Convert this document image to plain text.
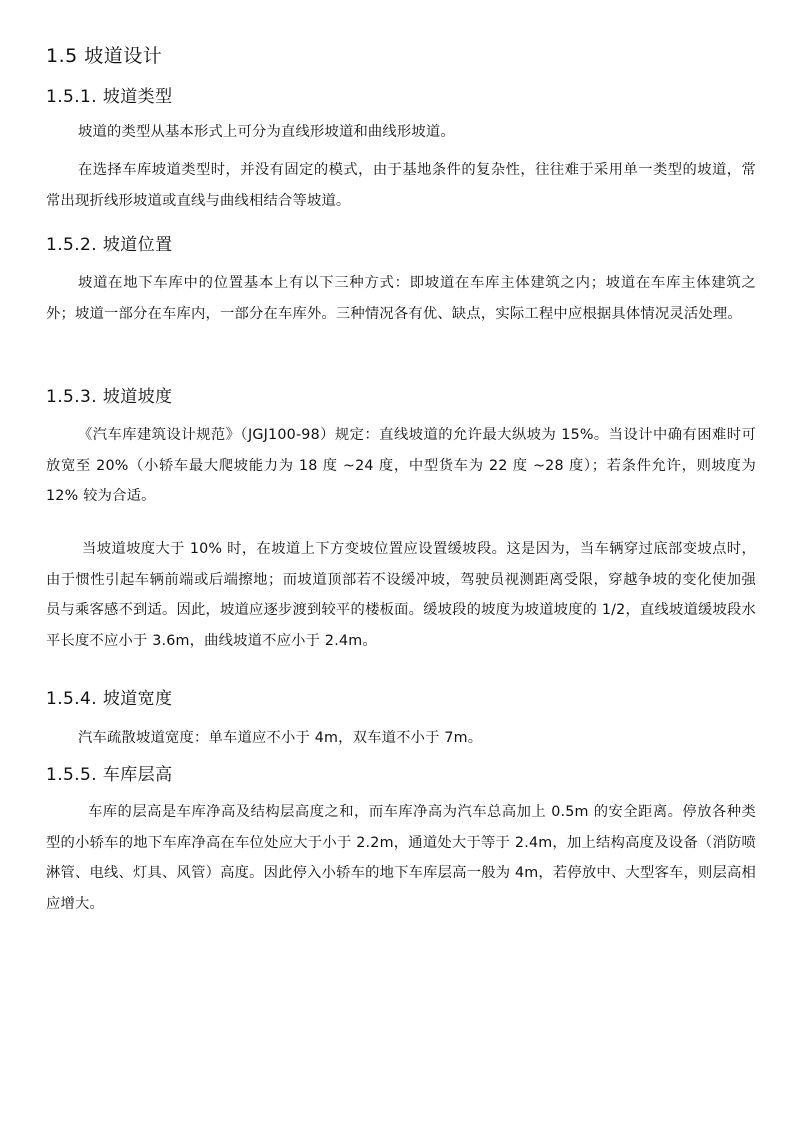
1.5 坡道设计
1.5.1. 坡道类型
坡道的类型从基本形式上可分为直线形坡道和曲线形坡道。
在选择车库坡道类型时，并没有固定的模式，由于基地条件的复杂性，往往难于采用单一类型的坡道，常常出现折线形坡道或直线与曲线相结合等坡道。
1.5.2. 坡道位置
坡道在地下车库中的位置基本上有以下三种方式：即坡道在车库主体建筑之内；坡道在车库主体建筑之外；坡道一部分在车库内，一部分在车库外。三种情况各有优、缺点，实际工程中应根据具体情况灵活处理。
1.5.3. 坡道坡度
《汽车库建筑设计规范》（JGJ100-98）规定：直线坡道的允许最大纵坡为 15%。当设计中确有困难时可放宽至 20%（小轿车最大爬坡能力为 18 度 ~24 度，中型货车为 22 度 ~28 度）；若条件允许，则坡度为 12% 较为合适。
当坡道坡度大于 10% 时，在坡道上下方变坡位置应设置缓坡段。这是因为，当车辆穿过底部变坡点时，由于惯性引起车辆前端或后端擦地；而坡道顶部若不设缓冲坡，驾驶员视测距离受限，穿越争坡的变化使加强员与乘客感不到适。因此，坡道应逐步渡到较平的楼板面。缓坡段的坡度为坡道坡度的 1/2，直线坡道缓坡段水平长度不应小于 3.6m，曲线坡道不应小于 2.4m。
1.5.4. 坡道宽度
汽车疏散坡道宽度：单车道应不小于 4m，双车道不小于 7m。
1.5.5. 车库层高
车库的层高是车库净高及结构层高度之和，而车库净高为汽车总高加上 0.5m 的安全距离。停放各种类型的小轿车的地下车库净高在车位处应大于小于 2.2m，通道处大于等于 2.4m，加上结构高度及设备（消防喷淋管、电线、灯具、风管）高度。因此停入小轿车的地下车库层高一般为 4m，若停放中、大型客车，则层高相应增大。
